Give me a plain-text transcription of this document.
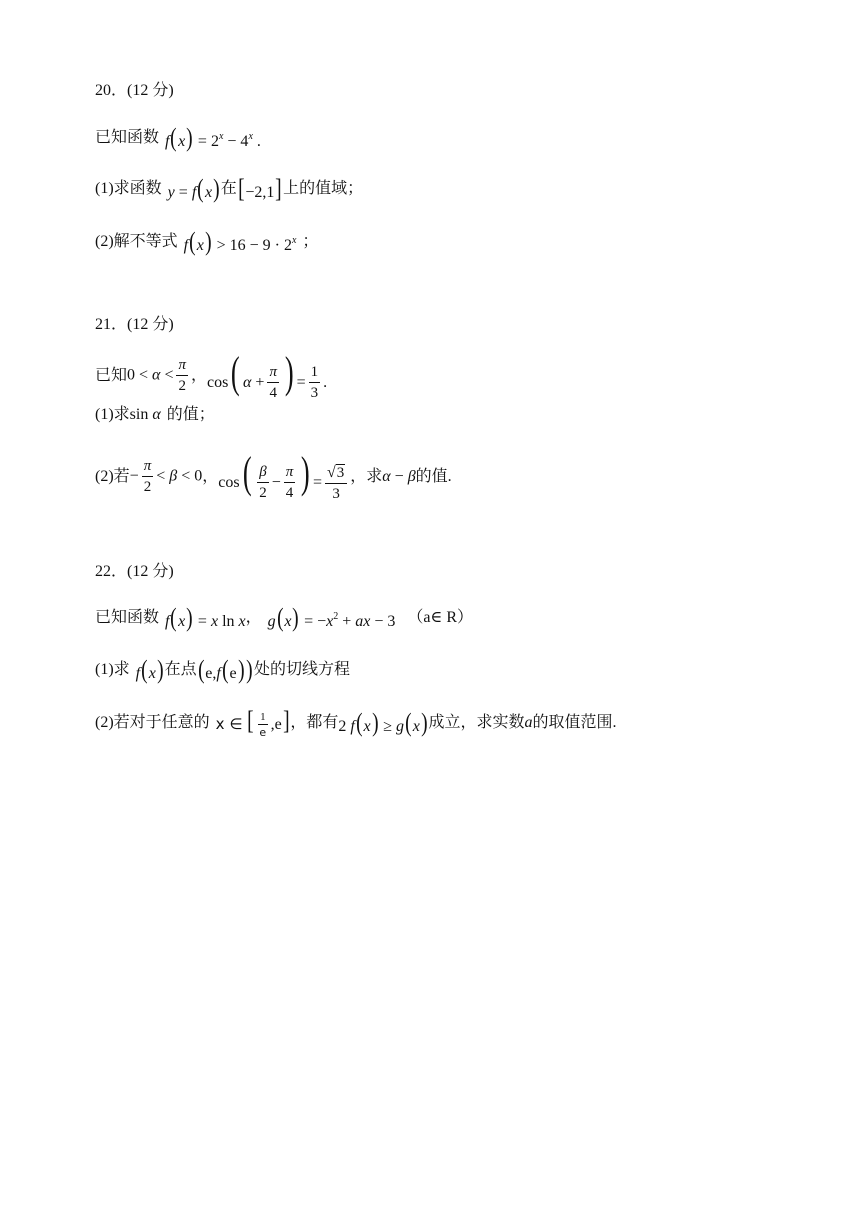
20．(12 分)
已知函数 $f(x) = 2^x - 4^x$ .
(1)求函数 y = f(x) 在 [−2,1] 上的值域；
(2)解不等式 $f(x) > 16 - 9 \cdot 2^x$ ；
21．(12 分)
已知 $0 < \alpha < \frac{\pi}{2}$ ， cos( $\alpha + \frac{\pi}{4}$ ) = $\frac{1}{3}$ .
(1)求 sin α 的值；
(2)若 − $\frac{\pi}{2} < \beta < 0$ ， $\cos( \frac{\beta}{2} - \frac{\pi}{4}$ ) = $\frac{√ 3}{3}$ ，求 α − β 的值.
22．(12 分)
已知函数 f(x) = x ln x ， $g(x) = -x^2$ + ax − 3 （a∈ R）
(1)求 f(x) 在点 (e,f(e)) 处的切线方程
(2)若对于任意的 x ∈ [ $\frac{1}{e} ,e$] ，都有 2 f(x) ≥ g(x) 成立，求实数 a 的取值范围.
